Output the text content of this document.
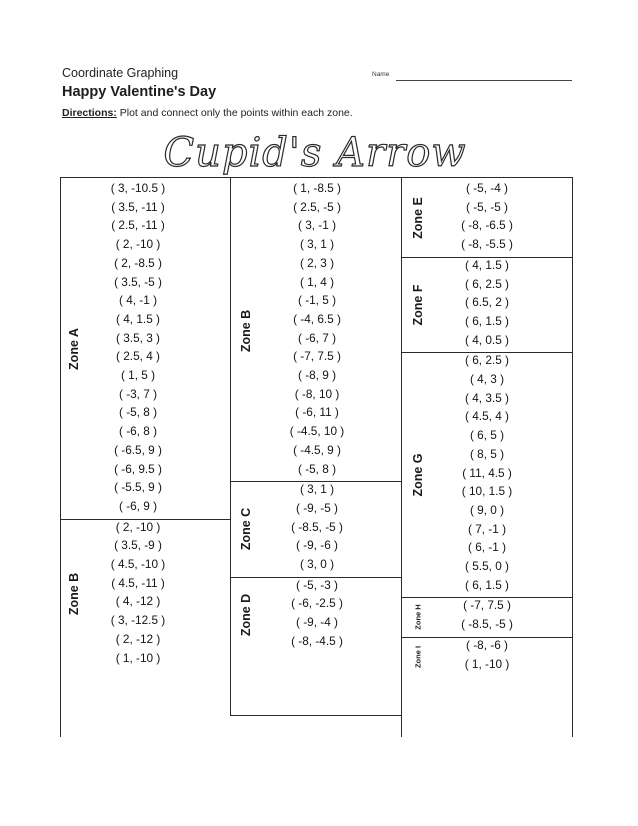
Coordinate Graphing	Name
Happy Valentine's Day
Directions: Plot and connect only the points within each zone.
Cupid's Arrow
( 3, -10.5 )
( 3.5, -11 )
( 2.5, -11 )
( 2, -10 )
( 2, -8.5 )
( 3.5, -5 )
( 4, -1 )
( 4, 1.5 )
( 3.5, 3 )
( 2.5, 4 )
( 1, 5 )
( -3, 7 )
( -5, 8 )
( -6, 8 )
( -6.5, 9 )
( -6, 9.5 )
( -5.5, 9 )
( -6, 9 )
Zone A
( 2, -10 )
( 3.5, -9 )
( 4.5, -10 )
( 4.5, -11 )
( 4, -12 )
( 3, -12.5 )
( 2, -12 )
( 1, -10 )
Zone B
( 1, -8.5 )
( 2.5, -5 )
( 3, -1 )
( 3, 1 )
( 2, 3 )
( 1, 4 )
( -1, 5 )
( -4, 6.5 )
( -6, 7 )
( -7, 7.5 )
( -8, 9 )
( -8, 10 )
( -6, 11 )
( -4.5, 10 )
( -4.5, 9 )
( -5, 8 )
Zone B
( 3, 1 )
( -9, -5 )
( -8.5, -5 )
( -9, -6 )
( 3, 0 )
Zone C
( -5, -3 )
( -6, -2.5 )
( -9, -4 )
( -8, -4.5 )
Zone D
( -5, -4 )
( -5, -5 )
( -8, -6.5 )
( -8, -5.5 )
Zone E
( 4, 1.5 )
( 6, 2.5 )
( 6.5, 2 )
( 6, 1.5 )
( 4, 0.5 )
Zone F
( 6, 2.5 )
( 4, 3 )
( 4, 3.5 )
( 4.5, 4 )
( 6, 5 )
( 8, 5 )
( 11, 4.5 )
( 10, 1.5 )
( 9, 0 )
( 7, -1 )
( 6, -1 )
( 5.5, 0 )
( 6, 1.5 )
Zone G
( -7, 7.5 )
( -8.5, -5 )
Zone H
( -8, -6 )
( 1, -10 )
Zone I
